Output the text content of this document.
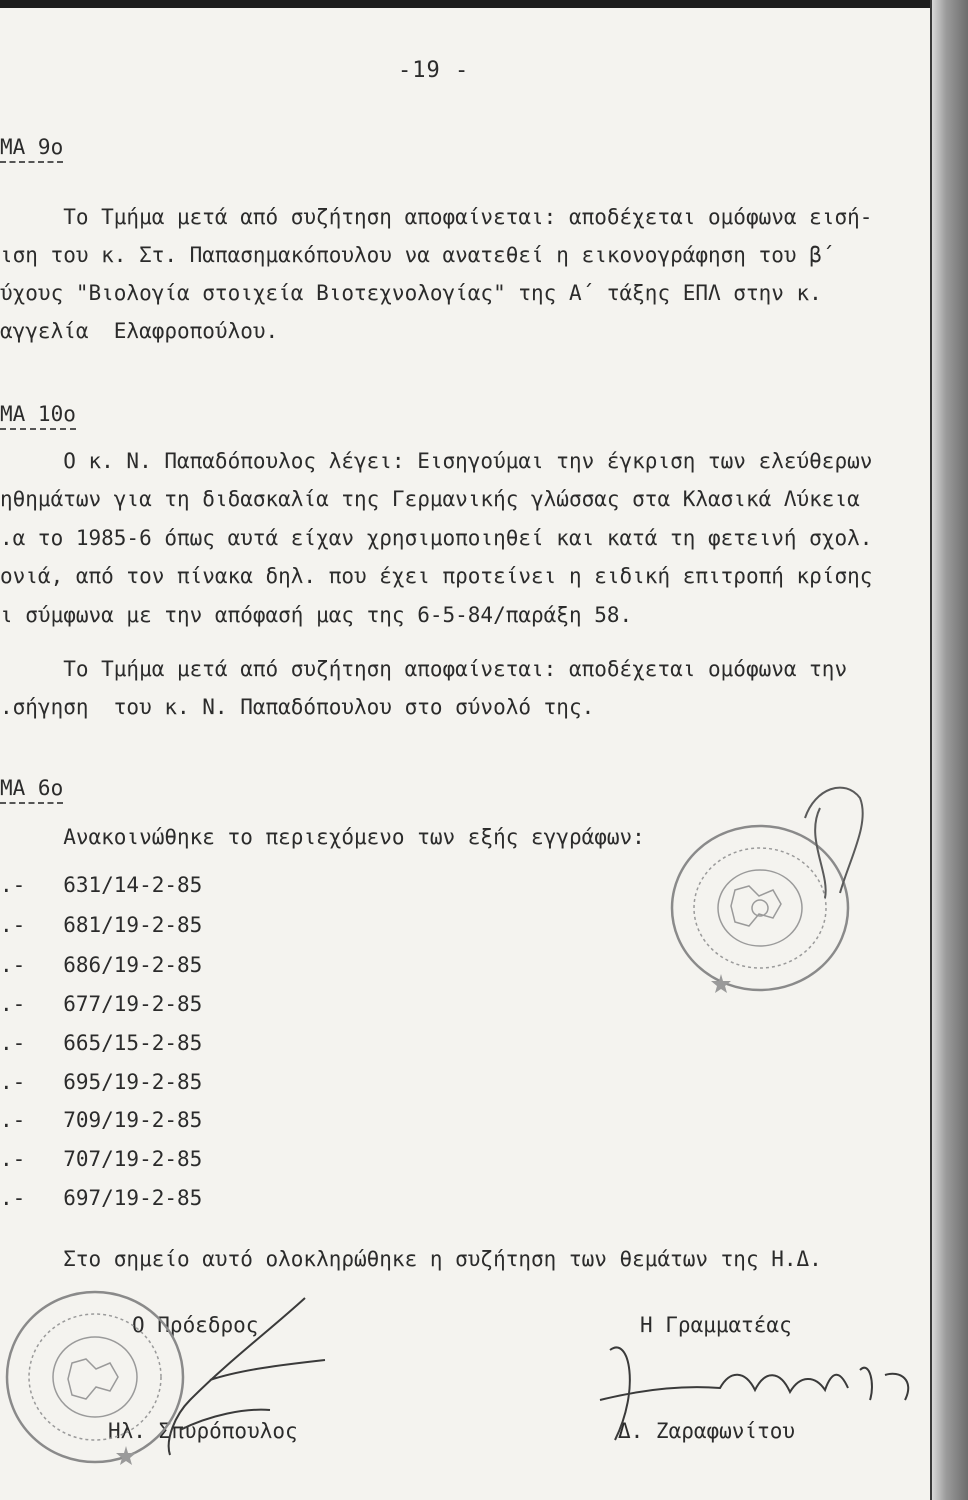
-19 -
ΜΑ 9ο
Το Τμήμα μετά από συζήτηση αποφαίνεται: αποδέχεται ομόφωνα εισή-
ιση του κ. Στ. Παπασημακόπουλου να ανατεθεί η εικονογράφηση του β΄
ύχους "Βιολογία στοιχεία Βιοτεχνολογίας" της Α΄ τάξης ΕΠΛ στην κ.
αγγελία  Ελαφροπούλου.
ΜΑ 10ο
Ο κ. Ν. Παπαδόπουλος λέγει: Εισηγούμαι την έγκριση των ελεύθερων
ηθημάτων για τη διδασκαλία της Γερμανικής γλώσσας στα Κλασικά Λύκεια
.α το 1985-6 όπως αυτά είχαν χρησιμοποιηθεί και κατά τη φετεινή σχολ.
ονιά, από τον πίνακα δηλ. που έχει προτείνει η ειδική επιτροπή κρίσης
ι σύμφωνα με την απόφασή μας της 6-5-84/παράξη 58.
Το Τμήμα μετά από συζήτηση αποφαίνεται: αποδέχεται ομόφωνα την
.σήγηση  του κ. Ν. Παπαδόπουλου στο σύνολό της.
ΜΑ 6ο
Ανακοινώθηκε το περιεχόμενο των εξής εγγράφων:
.-   631/14-2-85
.-   681/19-2-85
.-   686/19-2-85
.-   677/19-2-85
.-   665/15-2-85
.-   695/19-2-85
.-   709/19-2-85
.-   707/19-2-85
.-   697/19-2-85
Στο σημείο αυτό ολοκληρώθηκε η συζήτηση των θεμάτων της Η.Δ.
Ο Πρόεδρος	Η Γραμματέας
Ηλ. Σπυρόπουλος	Δ. Ζαραφωνίτου
